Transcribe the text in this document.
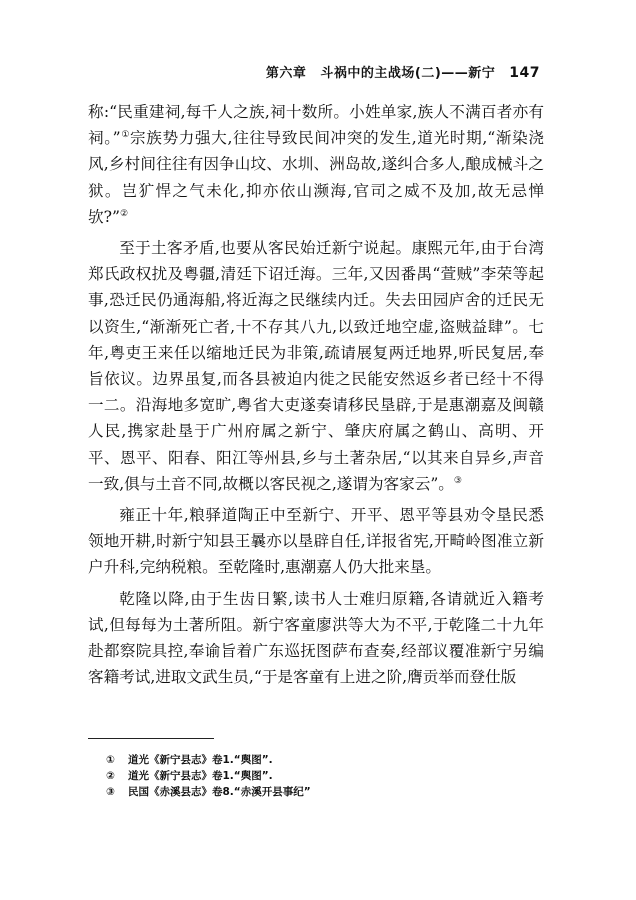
第六章 斗祸中的主战场(二)——新宁 147

称:“民重建祠,每千人之族,祠十数所。小姓单家,族人不满百者亦有祠。”①宗族势力强大,往往导致民间冲突的发生,道光时期,“渐染浇风,乡村间往往有因争山坟、水圳、洲岛故,遂纠合多人,酿成械斗之狱。岂犷悍之气未化,抑亦依山濒海,官司之威不及加,故无忌惮欤?”②

至于土客矛盾,也要从客民始迁新宁说起。康熙元年,由于台湾郑氏政权扰及粤疆,清廷下诏迁海。三年,又因番禺“萱贼”李荣等起事,恐迁民仍通海船,将近海之民继续内迁。失去田园庐舍的迁民无以资生,“渐渐死亡者,十不存其八九,以致迁地空虚,盗贼益肆”。七年,粤吏王来任以缩地迁民为非策,疏请展复两迁地界,听民复居,奉旨依议。边界虽复,而各县被迫内徙之民能安然返乡者已经十不得一二。沿海地多宽旷,粤省大吏遂奏请移民垦辟,于是惠潮嘉及闽赣人民,携家赴垦于广州府属之新宁、肇庆府属之鹤山、高明、开平、恩平、阳春、阳江等州县,乡与土著杂居,“以其来自异乡,声音一致,俱与土音不同,故概以客民视之,遂谓为客家云”。③

雍正十年,粮驿道陶正中至新宁、开平、恩平等县劝令垦民悉领地开耕,时新宁知县王曩亦以垦辟自任,详报省宪,开畸岭图准立新户升科,完纳税粮。至乾隆时,惠潮嘉人仍大批来垦。

乾隆以降,由于生齿日繁,读书人士难归原籍,各请就近入籍考试,但每每为土著所阻。新宁客童廖洪等大为不平,于乾隆二十九年赴都察院具控,奉谕旨着广东巡抚图萨布查奏,经部议覆准新宁另编客籍考试,进取文武生员,“于是客童有上进之阶,膺贡举而登仕版

① 道光《新宁县志》卷1.“舆图”.
② 道光《新宁县志》卷1.“舆图”.
③ 民国《赤溪县志》卷8.“赤溪开县事纪”
